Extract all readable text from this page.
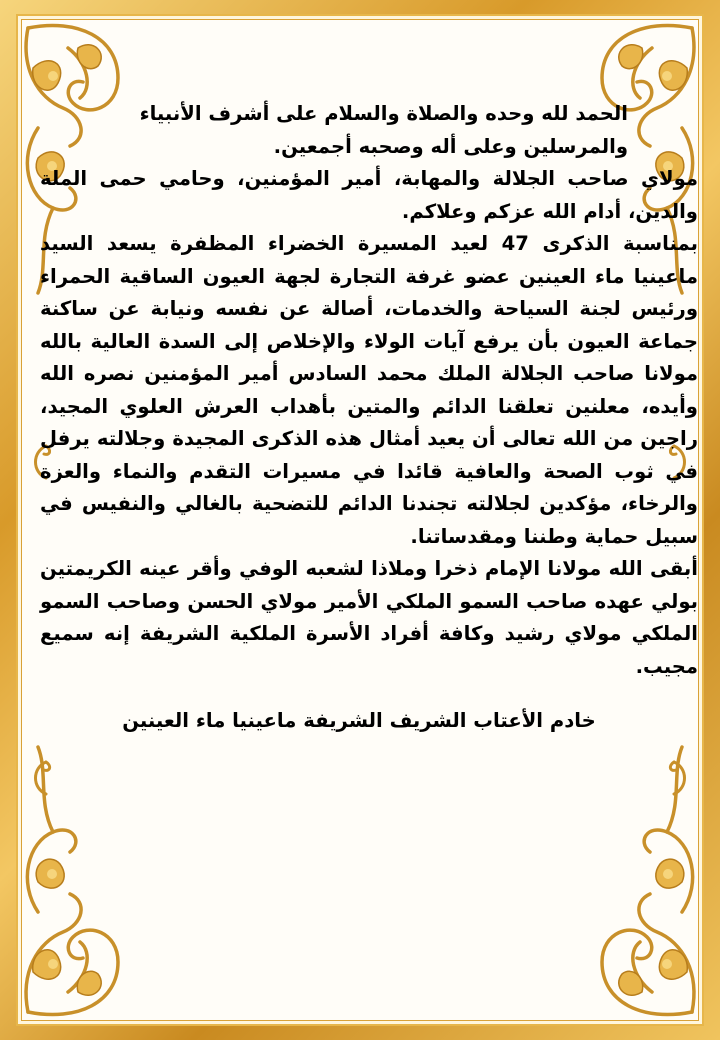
الحمد لله وحده والصلاة والسلام على أشرف الأنبياء والمرسلين وعلى أله وصحبه أجمعين.

مولاي صاحب الجلالة والمهابة، أمير المؤمنين، وحامي حمى الملة والدين، أدام الله عزكم وعلاكم.

بمناسبة الذكرى 47 لعيد المسيرة الخضراء المظفرة يسعد السيد ماعينيا ماء العينين عضو غرفة التجارة لجهة العيون الساقية الحمراء ورئيس لجنة السياحة والخدمات، أصالة عن نفسه ونيابة عن ساكنة جماعة العيون بأن يرفع آيات الولاء والإخلاص إلى السدة العالية بالله مولانا صاحب الجلالة الملك محمد السادس أمير المؤمنين نصره الله وأيده، معلنين تعلقنا الدائم والمتين بأهداب العرش العلوي المجيد، راجين من الله تعالى أن يعيد أمثال هذه الذكرى المجيدة وجلالته يرفل في ثوب الصحة والعافية قائدا في مسيرات التقدم والنماء والعزة والرخاء، مؤكدين لجلالته تجندنا الدائم للتضحية بالغالي والنفيس في سبيل حماية وطننا ومقدساتنا.

أبقى الله مولانا الإمام ذخرا وملاذا لشعبه الوفي وأقر عينه الكريمتين بولي عهده صاحب السمو الملكي الأمير مولاي الحسن وصاحب السمو الملكي مولاي رشيد وكافة أفراد الأسرة الملكية الشريفة إنه سميع مجيب.

خادم الأعتاب الشريف الشريفة ماعينيا ماء العينين
